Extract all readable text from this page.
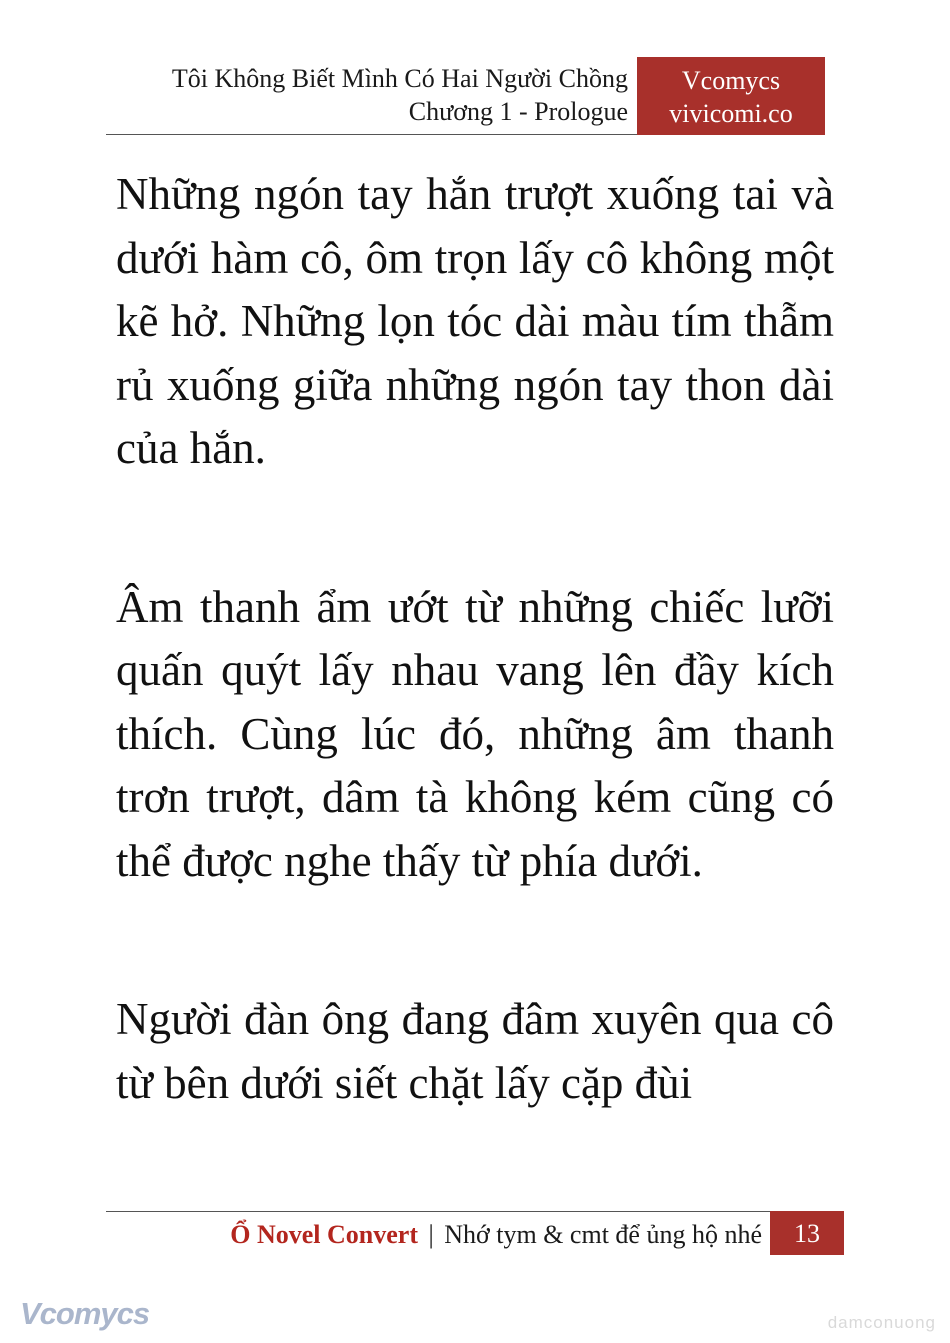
Tôi Không Biết Mình Có Hai Người Chồng
Chương 1 - Prologue
Vcomycs
vivicomi.co

Những ngón tay hắn trượt xuống tai và dưới hàm cô, ôm trọn lấy cô không một kẽ hở. Những lọn tóc dài màu tím thẫm rủ xuống giữa những ngón tay thon dài của hắn.

Âm thanh ẩm ướt từ những chiếc lưỡi quấn quýt lấy nhau vang lên đầy kích thích. Cùng lúc đó, những âm thanh trơn trượt, dâm tà không kém cũng có thể được nghe thấy từ phía dưới.

Người đàn ông đang đâm xuyên qua cô từ bên dưới siết chặt lấy cặp đùi

Ổ Novel Convert | Nhớ tym & cmt để ủng hộ nhé	13
Vcomycs	damconuong
